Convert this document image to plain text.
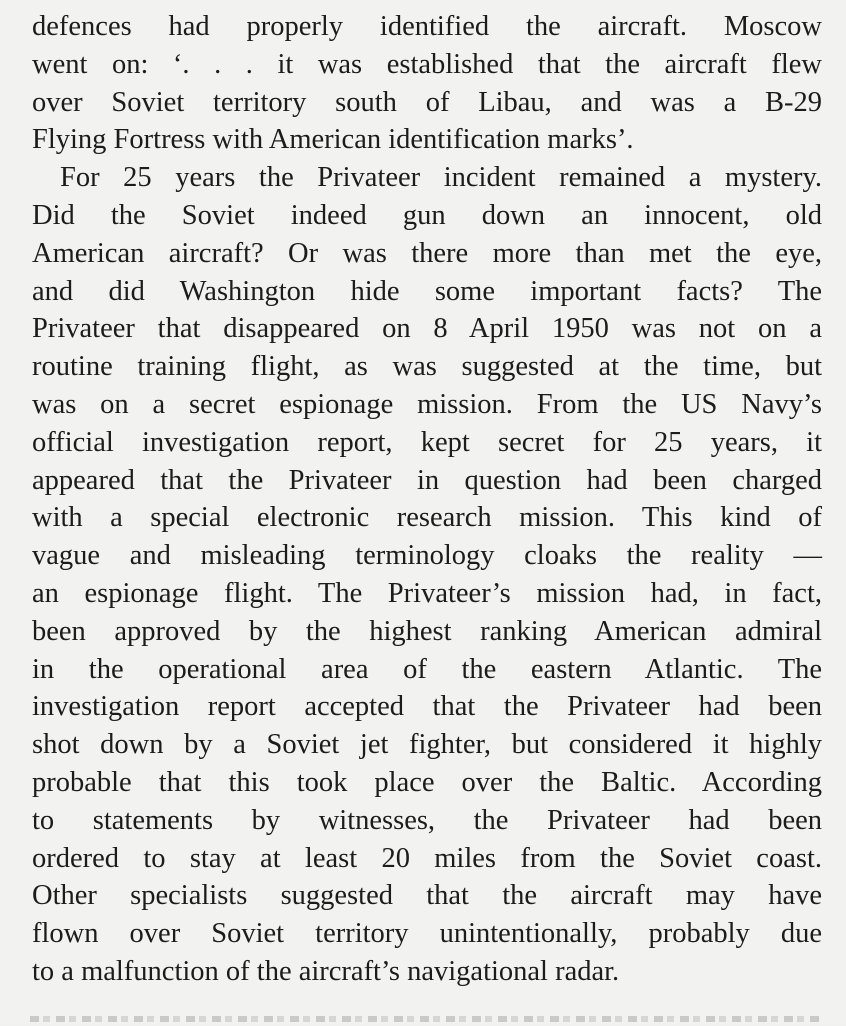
defences had properly identified the aircraft. Moscow
went on: ‘. . . it was established that the aircraft flew
over Soviet territory south of Libau, and was a B-29
Flying Fortress with American identification marks’.
For 25 years the Privateer incident remained a mystery.
Did the Soviet indeed gun down an innocent, old
American aircraft? Or was there more than met the eye,
and did Washington hide some important facts? The
Privateer that disappeared on 8 April 1950 was not on a
routine training flight, as was suggested at the time, but
was on a secret espionage mission. From the US Navy’s
official investigation report, kept secret for 25 years, it
appeared that the Privateer in question had been charged
with a special electronic research mission. This kind of
vague and misleading terminology cloaks the reality —
an espionage flight. The Privateer’s mission had, in fact,
been approved by the highest ranking American admiral
in the operational area of the eastern Atlantic. The
investigation report accepted that the Privateer had been
shot down by a Soviet jet fighter, but considered it highly
probable that this took place over the Baltic. According
to statements by witnesses, the Privateer had been
ordered to stay at least 20 miles from the Soviet coast.
Other specialists suggested that the aircraft may have
flown over Soviet territory unintentionally, probably due
to a malfunction of the aircraft’s navigational radar.
